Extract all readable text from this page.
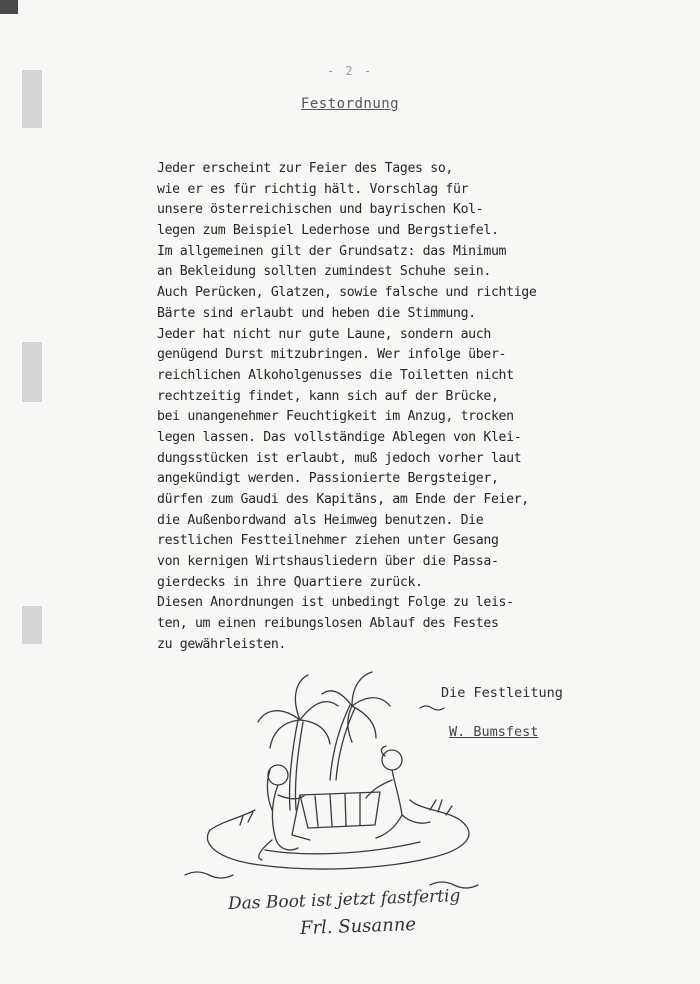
- 2 -
Festordnung
Jeder erscheint zur Feier des Tages so,
wie er es für richtig hält. Vorschlag für
unsere österreichischen und bayrischen Kol-
legen zum Beispiel Lederhose und Bergstiefel.
Im allgemeinen gilt der Grundsatz: das Minimum
an Bekleidung sollten zumindest Schuhe sein.
Auch Perücken, Glatzen, sowie falsche und richtige
Bärte sind erlaubt und heben die Stimmung.
Jeder hat nicht nur gute Laune, sondern auch
genügend Durst mitzubringen. Wer infolge über-
reichlichen Alkoholgenusses die Toiletten nicht
rechtzeitig findet, kann sich auf der Brücke,
bei unangenehmer Feuchtigkeit im Anzug, trocken
legen lassen. Das vollständige Ablegen von Klei-
dungsstücken ist erlaubt, muß jedoch vorher laut
angekündigt werden. Passionierte Bergsteiger,
dürfen zum Gaudi des Kapitäns, am Ende der Feier,
die Außenbordwand als Heimweg benutzen. Die
restlichen Festteilnehmer ziehen unter Gesang
von kernigen Wirtshausliedern über die Passa-
gierdecks in ihre Quartiere zurück.
Diesen Anordnungen ist unbedingt Folge zu leis-
ten, um einen reibungslosen Ablauf des Festes
zu gewährleisten.
Die Festleitung
W. Bumsfest
Das Boot ist jetzt fastfertig
Frl. Susanne
